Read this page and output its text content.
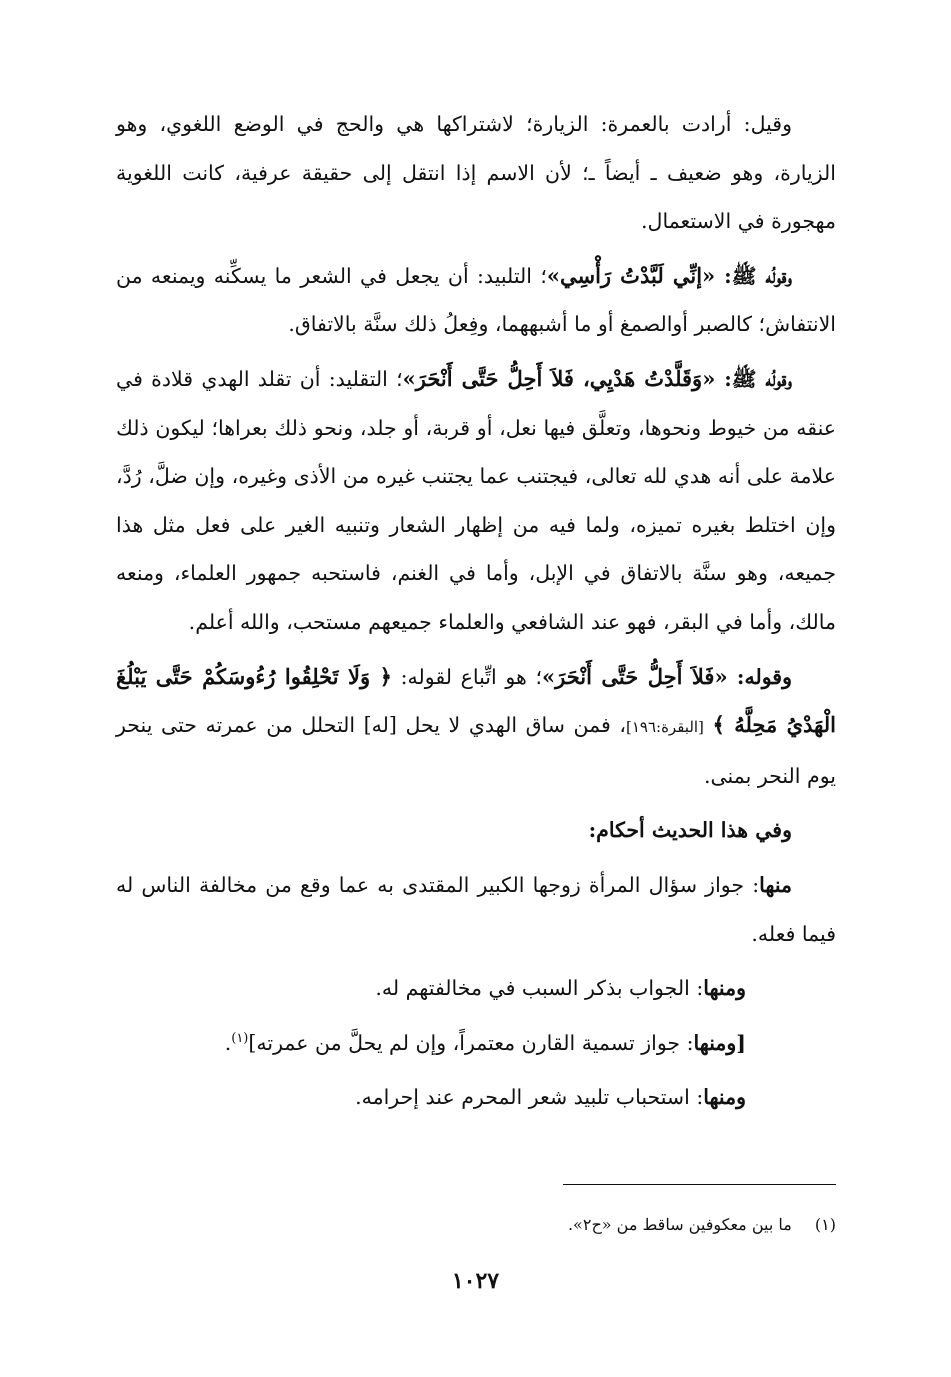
وقيل: أرادت بالعمرة: الزيارة؛ لاشتراكها هي والحج في الوضع اللغوي، وهو الزيارة، وهو ضعيف ـ أيضاً ـ؛ لأن الاسم إذا انتقل إلى حقيقة عرفية، كانت اللغوية مهجورة في الاستعمال.

وقولُه ﷺ: «إنِّي لَبَّدْتُ رَأْسِي»؛ التلبيد: أن يجعل في الشعر ما يسكِّنه ويمنعه من الانتفاش؛ كالصبر أوالصمغ أو ما أشبههما، وفِعلُ ذلك سنَّة بالاتفاق.

وقولُه ﷺ: «وَقَلَّدْتُ هَدْيِي، فَلاَ أَحِلُّ حَتَّى أَنْحَرَ»؛ التقليد: أن تقلد الهدي قلادة في عنقه من خيوط ونحوها، وتعلَّق فيها نعل، أو قربة، أو جلد، ونحو ذلك بعراها؛ ليكون ذلك علامة على أنه هدي لله تعالى، فيجتنب عما يجتنب غيره من الأذى وغيره، وإن ضلَّ، رُدَّ، وإن اختلط بغيره تميزه، ولما فيه من إظهار الشعار وتنبيه الغير على فعل مثل هذا جميعه، وهو سنَّة بالاتفاق في الإبل، وأما في الغنم، فاستحبه جمهور العلماء، ومنعه مالك، وأما في البقر، فهو عند الشافعي والعلماء جميعهم مستحب، والله أعلم.

وقوله: «فَلاَ أَحِلُّ حَتَّى أَنْحَرَ»؛ هو اتِّباع لقوله: ﴿ وَلَا تَحْلِقُوا رُءُوسَكُمْ حَتَّى يَبْلُغَ الْهَدْيُ مَحِلَّهُ ﴾ [البقرة:١٩٦]، فمن ساق الهدي لا يحل [له] التحلل من عمرته حتى ينحر يوم النحر بمنى.

وفي هذا الحديث أحكام:

منها: جواز سؤال المرأة زوجها الكبير المقتدى به عما وقع من مخالفة الناس له فيما فعله.

ومنها: الجواب بذكر السبب في مخالفتهم له.

[ومنها: جواز تسمية القارن معتمراً، وإن لم يحلَّ من عمرته]$^{(١)}$.

ومنها: استحباب تلبيد شعر المحرم عند إحرامه.

(١) ما بين معكوفين ساقط من «ح٢».
١٠٢٧
